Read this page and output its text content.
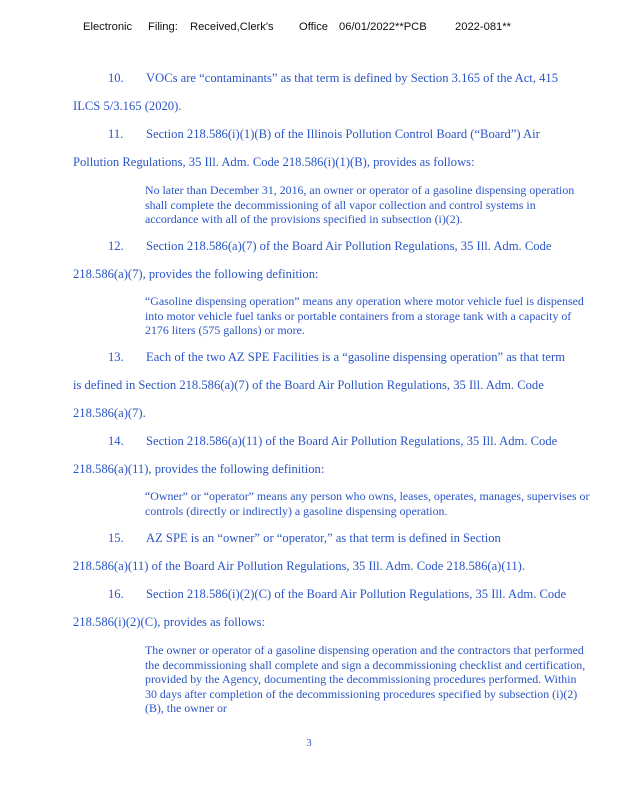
Electronic Filing: Received,Clerk's Office 06/01/2022**PCB	2022-081**

10. VOCs are “contaminants” as that term is defined by Section 3.165 of the Act, 415

ILCS 5/3.165 (2020).

11. Section 218.586(i)(1)(B) of the Illinois Pollution Control Board (“Board”) Air

Pollution Regulations, 35 Ill. Adm. Code 218.586(i)(1)(B), provides as follows:

No later than December 31, 2016, an owner or operator of a gasoline dispensing operation shall complete the decommissioning of all vapor collection and control systems in accordance with all of the provisions specified in subsection (i)(2).

12. Section 218.586(a)(7) of the Board Air Pollution Regulations, 35 Ill. Adm. Code

218.586(a)(7), provides the following definition:

“Gasoline dispensing operation” means any operation where motor vehicle fuel is dispensed into motor vehicle fuel tanks or portable containers from a storage tank with a capacity of 2176 liters (575 gallons) or more.

13. Each of the two AZ SPE Facilities is a “gasoline dispensing operation” as that term

is defined in Section 218.586(a)(7) of the Board Air Pollution Regulations, 35 Ill. Adm. Code

218.586(a)(7).

14. Section 218.586(a)(11) of the Board Air Pollution Regulations, 35 Ill. Adm. Code

218.586(a)(11), provides the following definition:

“Owner” or “operator” means any person who owns, leases, operates, manages, supervises or controls (directly or indirectly) a gasoline dispensing operation.

15. AZ SPE is an “owner” or “operator,” as that term is defined in Section

218.586(a)(11) of the Board Air Pollution Regulations, 35 Ill. Adm. Code 218.586(a)(11).

16. Section 218.586(i)(2)(C) of the Board Air Pollution Regulations, 35 Ill. Adm. Code

218.586(i)(2)(C), provides as follows:

The owner or operator of a gasoline dispensing operation and the contractors that performed the decommissioning shall complete and sign a decommissioning checklist and certification, provided by the Agency, documenting the decommissioning procedures performed. Within 30 days after completion of the decommissioning procedures specified by subsection (i)(2)(B), the owner or

3
